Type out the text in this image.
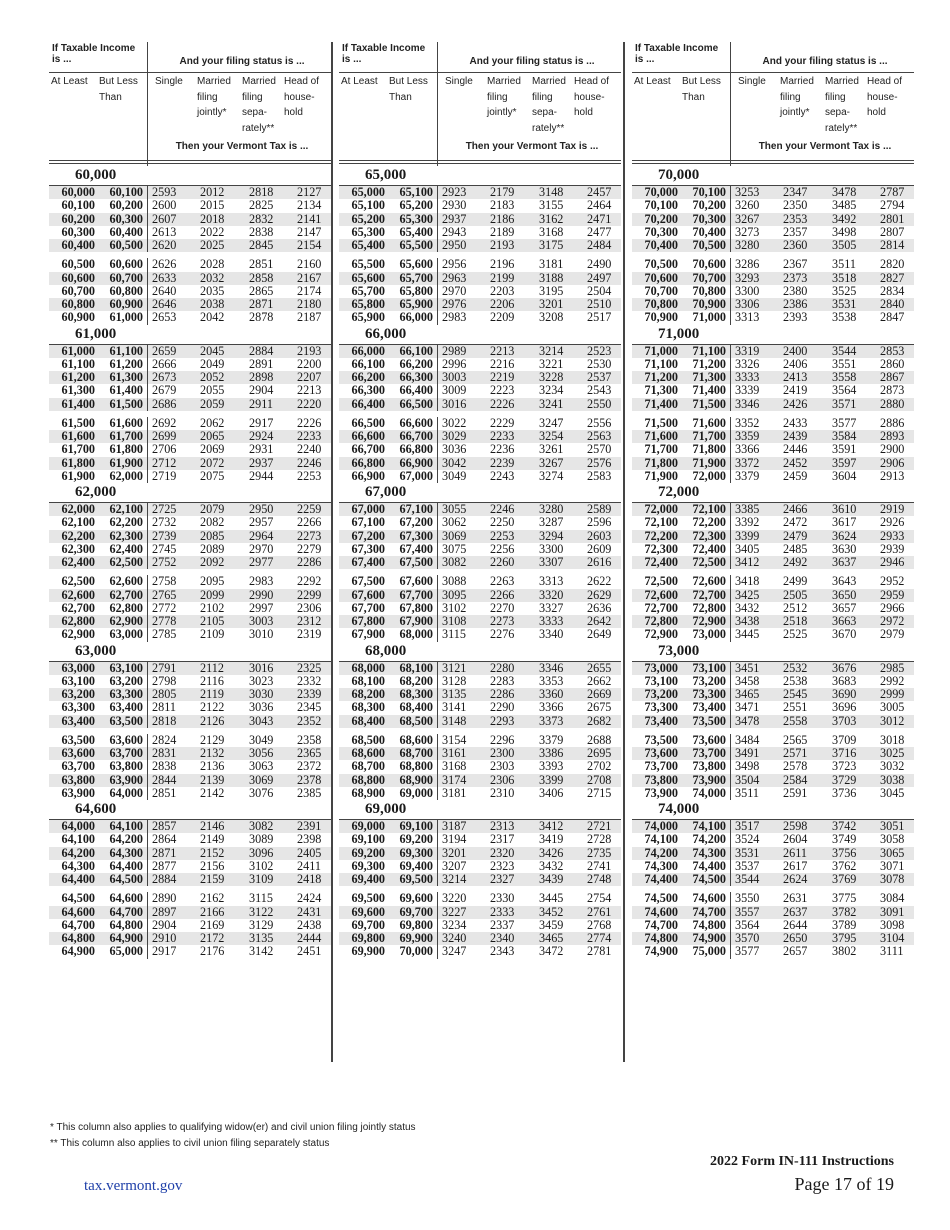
If Taxable Income is ...	And your filing status is ...
At Least But Less Than
Single Married filing jointly*
Married filing sepa- rately**
Head of house- hold
Then your Vermont Tax is ...
60,000
60,000	60,100	2593	2012	2818	2127
60,100	60,200	2600	2015	2825	2134
60,200	60,300	2607	2018	2832	2141
60,300	60,400	2613	2022	2838	2147
60,400	60,500	2620	2025	2845	2154

60,500	60,600	2626	2028	2851	2160
60,600	60,700	2633	2032	2858	2167
60,700	60,800	2640	2035	2865	2174
60,800	60,900	2646	2038	2871	2180
60,900	61,000	2653	2042	2878	2187
61,000
61,000	61,100	2659	2045	2884	2193
61,100	61,200	2666	2049	2891	2200
61,200	61,300	2673	2052	2898	2207
61,300	61,400	2679	2055	2904	2213
61,400	61,500	2686	2059	2911	2220

61,500	61,600	2692	2062	2917	2226
61,600	61,700	2699	2065	2924	2233
61,700	61,800	2706	2069	2931	2240
61,800	61,900	2712	2072	2937	2246
61,900	62,000	2719	2075	2944	2253
62,000
62,000	62,100	2725	2079	2950	2259
62,100	62,200	2732	2082	2957	2266
62,200	62,300	2739	2085	2964	2273
62,300	62,400	2745	2089	2970	2279
62,400	62,500	2752	2092	2977	2286

62,500	62,600	2758	2095	2983	2292
62,600	62,700	2765	2099	2990	2299
62,700	62,800	2772	2102	2997	2306
62,800	62,900	2778	2105	3003	2312
62,900	63,000	2785	2109	3010	2319
63,000
63,000	63,100	2791	2112	3016	2325
63,100	63,200	2798	2116	3023	2332
63,200	63,300	2805	2119	3030	2339
63,300	63,400	2811	2122	3036	2345
63,400	63,500	2818	2126	3043	2352

63,500	63,600	2824	2129	3049	2358
63,600	63,700	2831	2132	3056	2365
63,700	63,800	2838	2136	3063	2372
63,800	63,900	2844	2139	3069	2378
63,900	64,000	2851	2142	3076	2385
64,600
64,000	64,100	2857	2146	3082	2391
64,100	64,200	2864	2149	3089	2398
64,200	64,300	2871	2152	3096	2405
64,300	64,400	2877	2156	3102	2411
64,400	64,500	2884	2159	3109	2418

64,500	64,600	2890	2162	3115	2424
64,600	64,700	2897	2166	3122	2431
64,700	64,800	2904	2169	3129	2438
64,800	64,900	2910	2172	3135	2444
64,900	65,000	2917	2176	3142	2451
If Taxable Income is ...	And your filing status is ...
At Least But Less Than
Single Married filing jointly*
Married filing sepa- rately**
Head of house- hold
Then your Vermont Tax is ...
65,000
65,000	65,100	2923	2179	3148	2457
65,100	65,200	2930	2183	3155	2464
65,200	65,300	2937	2186	3162	2471
65,300	65,400	2943	2189	3168	2477
65,400	65,500	2950	2193	3175	2484

65,500	65,600	2956	2196	3181	2490
65,600	65,700	2963	2199	3188	2497
65,700	65,800	2970	2203	3195	2504
65,800	65,900	2976	2206	3201	2510
65,900	66,000	2983	2209	3208	2517
66,000
66,000	66,100	2989	2213	3214	2523
66,100	66,200	2996	2216	3221	2530
66,200	66,300	3003	2219	3228	2537
66,300	66,400	3009	2223	3234	2543
66,400	66,500	3016	2226	3241	2550

66,500	66,600	3022	2229	3247	2556
66,600	66,700	3029	2233	3254	2563
66,700	66,800	3036	2236	3261	2570
66,800	66,900	3042	2239	3267	2576
66,900	67,000	3049	2243	3274	2583
67,000
67,000	67,100	3055	2246	3280	2589
67,100	67,200	3062	2250	3287	2596
67,200	67,300	3069	2253	3294	2603
67,300	67,400	3075	2256	3300	2609
67,400	67,500	3082	2260	3307	2616

67,500	67,600	3088	2263	3313	2622
67,600	67,700	3095	2266	3320	2629
67,700	67,800	3102	2270	3327	2636
67,800	67,900	3108	2273	3333	2642
67,900	68,000	3115	2276	3340	2649
68,000
68,000	68,100	3121	2280	3346	2655
68,100	68,200	3128	2283	3353	2662
68,200	68,300	3135	2286	3360	2669
68,300	68,400	3141	2290	3366	2675
68,400	68,500	3148	2293	3373	2682

68,500	68,600	3154	2296	3379	2688
68,600	68,700	3161	2300	3386	2695
68,700	68,800	3168	2303	3393	2702
68,800	68,900	3174	2306	3399	2708
68,900	69,000	3181	2310	3406	2715
69,000
69,000	69,100	3187	2313	3412	2721
69,100	69,200	3194	2317	3419	2728
69,200	69,300	3201	2320	3426	2735
69,300	69,400	3207	2323	3432	2741
69,400	69,500	3214	2327	3439	2748

69,500	69,600	3220	2330	3445	2754
69,600	69,700	3227	2333	3452	2761
69,700	69,800	3234	2337	3459	2768
69,800	69,900	3240	2340	3465	2774
69,900	70,000	3247	2343	3472	2781
If Taxable Income is ...	And your filing status is ...
At Least But Less Than
Single Married filing jointly*
Married filing sepa- rately**
Head of house- hold
Then your Vermont Tax is ...
70,000
70,000	70,100	3253	2347	3478	2787
70,100	70,200	3260	2350	3485	2794
70,200	70,300	3267	2353	3492	2801
70,300	70,400	3273	2357	3498	2807
70,400	70,500	3280	2360	3505	2814

70,500	70,600	3286	2367	3511	2820
70,600	70,700	3293	2373	3518	2827
70,700	70,800	3300	2380	3525	2834
70,800	70,900	3306	2386	3531	2840
70,900	71,000	3313	2393	3538	2847
71,000
71,000	71,100	3319	2400	3544	2853
71,100	71,200	3326	2406	3551	2860
71,200	71,300	3333	2413	3558	2867
71,300	71,400	3339	2419	3564	2873
71,400	71,500	3346	2426	3571	2880

71,500	71,600	3352	2433	3577	2886
71,600	71,700	3359	2439	3584	2893
71,700	71,800	3366	2446	3591	2900
71,800	71,900	3372	2452	3597	2906
71,900	72,000	3379	2459	3604	2913
72,000
72,000	72,100	3385	2466	3610	2919
72,100	72,200	3392	2472	3617	2926
72,200	72,300	3399	2479	3624	2933
72,300	72,400	3405	2485	3630	2939
72,400	72,500	3412	2492	3637	2946

72,500	72,600	3418	2499	3643	2952
72,600	72,700	3425	2505	3650	2959
72,700	72,800	3432	2512	3657	2966
72,800	72,900	3438	2518	3663	2972
72,900	73,000	3445	2525	3670	2979
73,000
73,000	73,100	3451	2532	3676	2985
73,100	73,200	3458	2538	3683	2992
73,200	73,300	3465	2545	3690	2999
73,300	73,400	3471	2551	3696	3005
73,400	73,500	3478	2558	3703	3012

73,500	73,600	3484	2565	3709	3018
73,600	73,700	3491	2571	3716	3025
73,700	73,800	3498	2578	3723	3032
73,800	73,900	3504	2584	3729	3038
73,900	74,000	3511	2591	3736	3045
74,000
74,000	74,100	3517	2598	3742	3051
74,100	74,200	3524	2604	3749	3058
74,200	74,300	3531	2611	3756	3065
74,300	74,400	3537	2617	3762	3071
74,400	74,500	3544	2624	3769	3078

74,500	74,600	3550	2631	3775	3084
74,600	74,700	3557	2637	3782	3091
74,700	74,800	3564	2644	3789	3098
74,800	74,900	3570	2650	3795	3104
74,900	75,000	3577	2657	3802	3111
* This column also applies to qualifying widow(er) and civil union filing jointly status
** This column also applies to civil union filing separately status
tax.vermont.gov
2022 Form IN-111 Instructions
Page 17 of 19
